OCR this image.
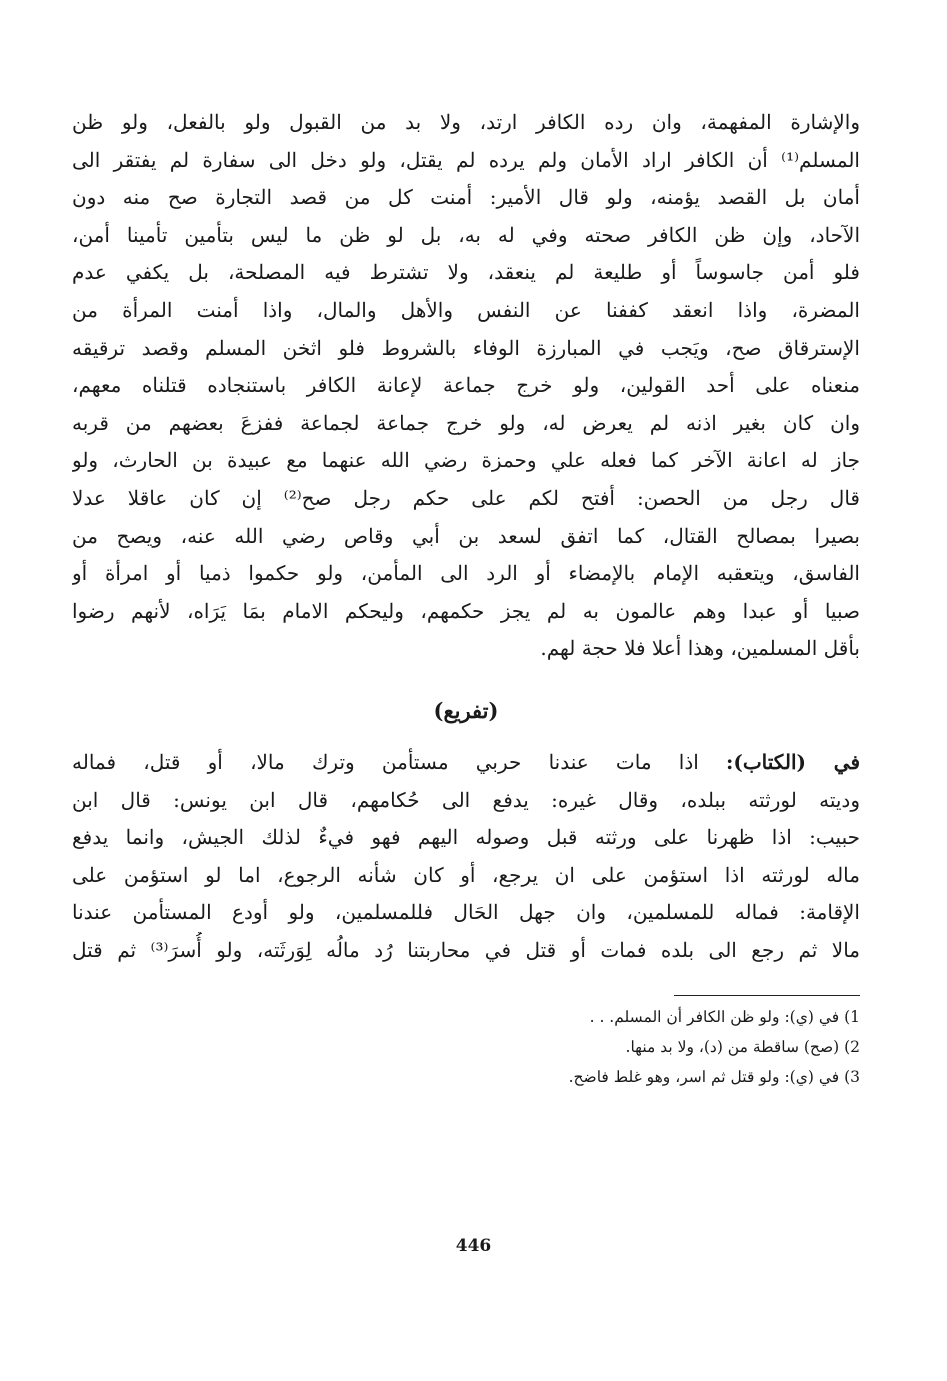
والإشارة المفهمة، وان رده الكافر ارتد، ولا بد من القبول ولو بالفعل، ولو ظن
المسلم⁽¹⁾ أن الكافر اراد الأمان ولم يرده لم يقتل، ولو دخل الى سفارة لم يفتقر الى
أمان بل القصد يؤمنه، ولو قال الأمير: أمنت كل من قصد التجارة صح منه دون
الآحاد، وإن ظن الكافر صحته وفي له به، بل لو ظن ما ليس بتأمين تأمينا أمن،
فلو أمن جاسوساً أو طليعة لم ينعقد، ولا تشترط فيه المصلحة، بل يكفي عدم
المضرة، واذا انعقد كففنا عن النفس والأهل والمال، واذا أمنت المرأة من
الإسترقاق صح، ويَجب في المبارزة الوفاء بالشروط فلو اثخن المسلم وقصد ترقيقه
منعناه على أحد القولين، ولو خرج جماعة لإعانة الكافر باستنجاده قتلناه معهم،
وان كان بغير اذنه لم يعرض له، ولو خرج جماعة لجماعة ففزعَ بعضهم من قربه
جاز له اعانة الآخر كما فعله علي وحمزة رضي الله عنهما مع عبيدة بن الحارث، ولو
قال رجل من الحصن: أفتح لكم على حكم رجل صح⁽²⁾ إن كان عاقلا عدلا
بصيرا بمصالح القتال، كما اتفق لسعد بن أبي وقاص رضي الله عنه، ويصح من
الفاسق، ويتعقبه الإمام بالإمضاء أو الرد الى المأمن، ولو حكموا ذميا أو امرأة أو
صبيا أو عبدا وهم عالمون به لم يجز حكمهم، وليحكم الامام بمَا يَرَاه، لأنهم رضوا
بأقل المسلمين، وهذا أعلا فلا حجة لهم.
(تفريع)
في (الكتاب): اذا مات عندنا حربي مستأمن وترك مالا، أو قتل، فماله
وديته لورثته ببلده، وقال غيره: يدفع الى حُكامهم، قال ابن يونس: قال ابن
حبيب: اذا ظهرنا على ورثته قبل وصوله اليهم فهو فيءٌ لذلك الجيش، وانما يدفع
ماله لورثته اذا استؤمن على ان يرجع، أو كان شأنه الرجوع، اما لو استؤمن على
الإقامة: فماله للمسلمين، وان جهل الحَال فللمسلمين، ولو أودع المستأمن عندنا
مالا ثم رجع الى بلده فمات أو قتل في محاربتنا رُد مالُه لِوَرثَته، ولو أُسرَ⁽³⁾ ثم قتل
1) في (ي): ولو ظن الكافر أن المسلم. . .
2) (صح) ساقطة من (د)، ولا بد منها.
3) في (ي): ولو قتل ثم اسر، وهو غلط فاضح.
446
